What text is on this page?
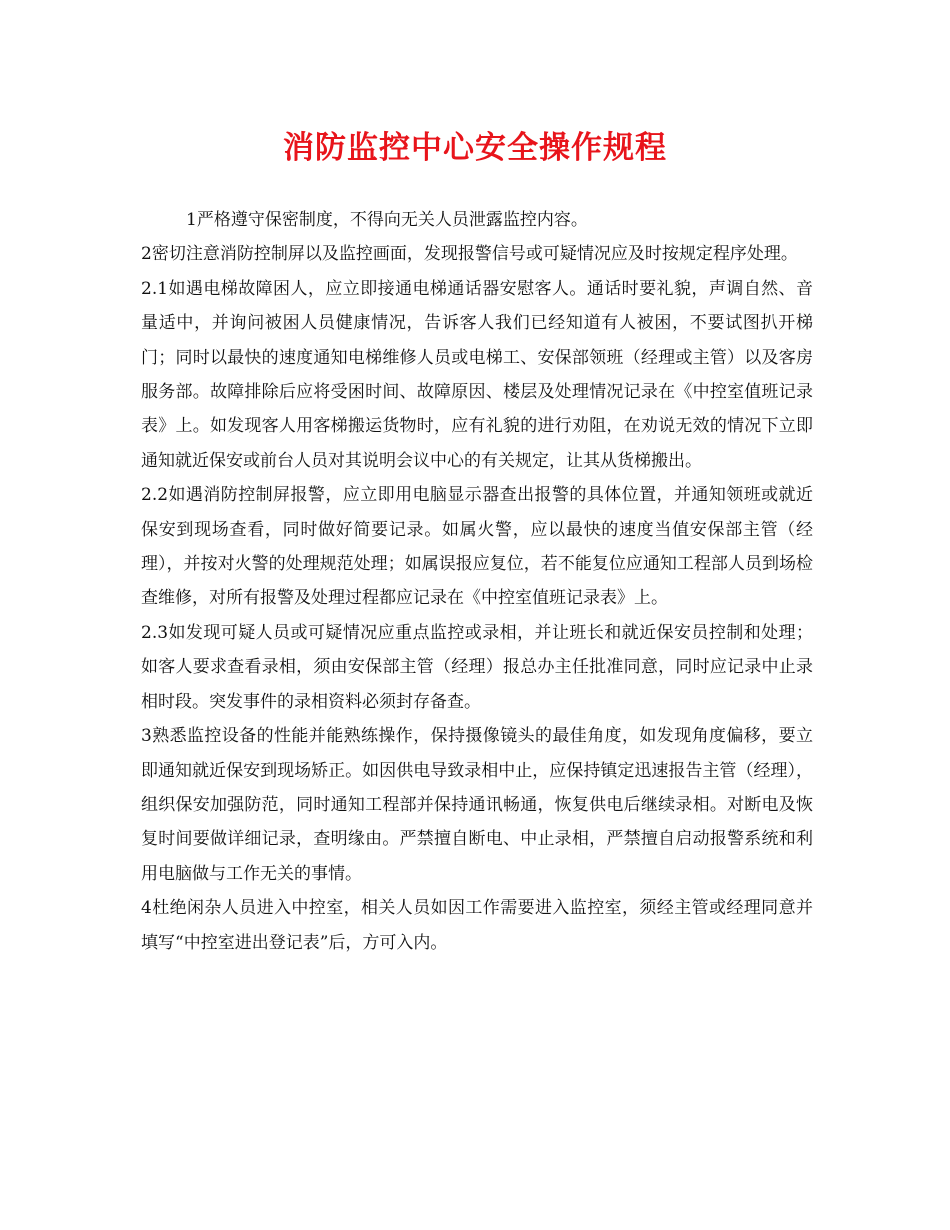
消防监控中心安全操作规程

1严格遵守保密制度，不得向无关人员泄露监控内容。

2密切注意消防控制屏以及监控画面，发现报警信号或可疑情况应及时按规定程序处理。

2.1如遇电梯故障困人，应立即接通电梯通话器安慰客人。通话时要礼貌，声调自然、音量适中，并询问被困人员健康情况，告诉客人我们已经知道有人被困，不要试图扒开梯门；同时以最快的速度通知电梯维修人员或电梯工、安保部领班（经理或主管）以及客房服务部。故障排除后应将受困时间、故障原因、楼层及处理情况记录在《中控室值班记录表》上。如发现客人用客梯搬运货物时，应有礼貌的进行劝阻，在劝说无效的情况下立即通知就近保安或前台人员对其说明会议中心的有关规定，让其从货梯搬出。

2.2如遇消防控制屏报警，应立即用电脑显示器查出报警的具体位置，并通知领班或就近保安到现场查看，同时做好简要记录。如属火警，应以最快的速度当值安保部主管（经理），并按对火警的处理规范处理；如属误报应复位，若不能复位应通知工程部人员到场检查维修，对所有报警及处理过程都应记录在《中控室值班记录表》上。

2.3如发现可疑人员或可疑情况应重点监控或录相，并让班长和就近保安员控制和处理；如客人要求查看录相，须由安保部主管（经理）报总办主任批准同意，同时应记录中止录相时段。突发事件的录相资料必须封存备查。

3熟悉监控设备的性能并能熟练操作，保持摄像镜头的最佳角度，如发现角度偏移，要立即通知就近保安到现场矫正。如因供电导致录相中止，应保持镇定迅速报告主管（经理），组织保安加强防范，同时通知工程部并保持通讯畅通，恢复供电后继续录相。对断电及恢复时间要做详细记录，查明缘由。严禁擅自断电、中止录相，严禁擅自启动报警系统和利用电脑做与工作无关的事情。

4杜绝闲杂人员进入中控室，相关人员如因工作需要进入监控室，须经主管或经理同意并填写“中控室进出登记表”后，方可入内。
